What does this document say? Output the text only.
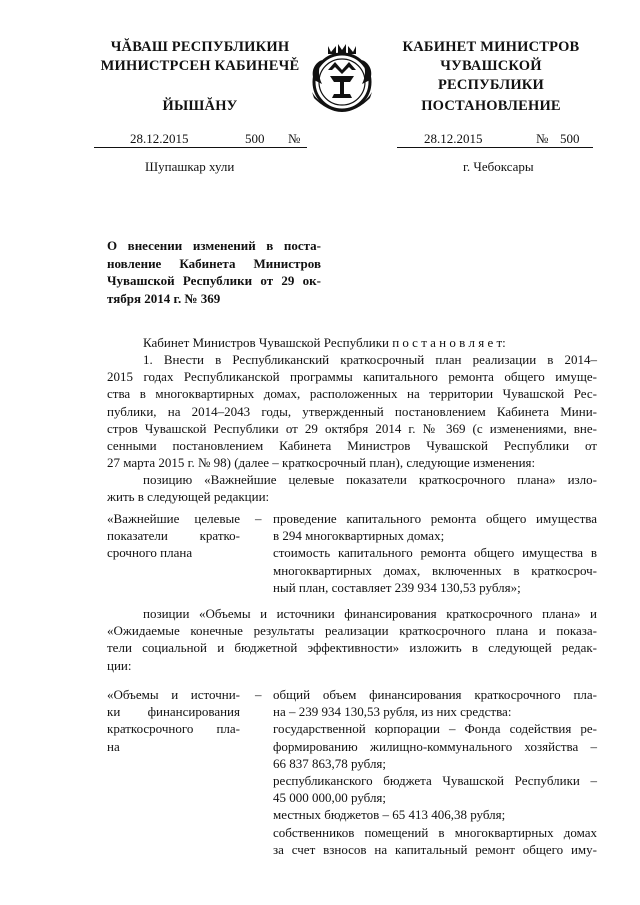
ЧĂВАШ РЕСПУБЛИКИН
МИНИСТРСЕН КАБИНЕЧĚ
ЙЫШĂНУ
КАБИНЕТ МИНИСТРОВ
ЧУВАШСКОЙ РЕСПУБЛИКИ
ПОСТАНОВЛЕНИЕ
28.12.2015	500 №	28.12.2015	№ 500
Шупашкар хули	г. Чебоксары
О внесении изменений в поста-
новление Кабинета Министров
Чувашской Республики от 29 ок-
тября 2014 г. № 369
Кабинет Министров Чувашской Республики п о с т а н о в л я е т:
1. Внести в Республиканский краткосрочный план реализации в 2014–
2015 годах Республиканской программы капитального ремонта общего имуще-
ства в многоквартирных домах, расположенных на территории Чувашской Рес-
публики, на 2014–2043 годы, утвержденный постановлением Кабинета Мини-
стров Чувашской Республики от 29 октября 2014 г. № 369 (с изменениями, вне-
сенными постановлением Кабинета Министров Чувашской Республики от
27 марта 2015 г. № 98) (далее – краткосрочный план), следующие изменения:
позицию «Важнейшие целевые показатели краткосрочного плана» изло-
жить в следующей редакции:
«Важнейшие целевые
показатели кратко-
срочного плана
– проведение капитального ремонта общего имущества
в 294 многоквартирных домах;
стоимость капитального ремонта общего имущества в
многоквартирных домах, включенных в краткосроч-
ный план, составляет 239 934 130,53 рубля»;
позиции «Объемы и источники финансирования краткосрочного плана» и
«Ожидаемые конечные результаты реализации краткосрочного плана и показа-
тели социальной и бюджетной эффективности» изложить в следующей редак-
ции:
«Объемы и источни-
ки финансирования
краткосрочного пла-
на
– общий объем финансирования краткосрочного пла-
на – 239 934 130,53 рубля, из них средства:
государственной корпорации – Фонда содействия ре-
формированию жилищно-коммунального хозяйства –
66 837 863,78 рубля;
республиканского бюджета Чувашской Республики –
45 000 000,00 рубля;
местных бюджетов – 65 413 406,38 рубля;
собственников помещений в многоквартирных домах
за счет взносов на капитальный ремонт общего иму-
